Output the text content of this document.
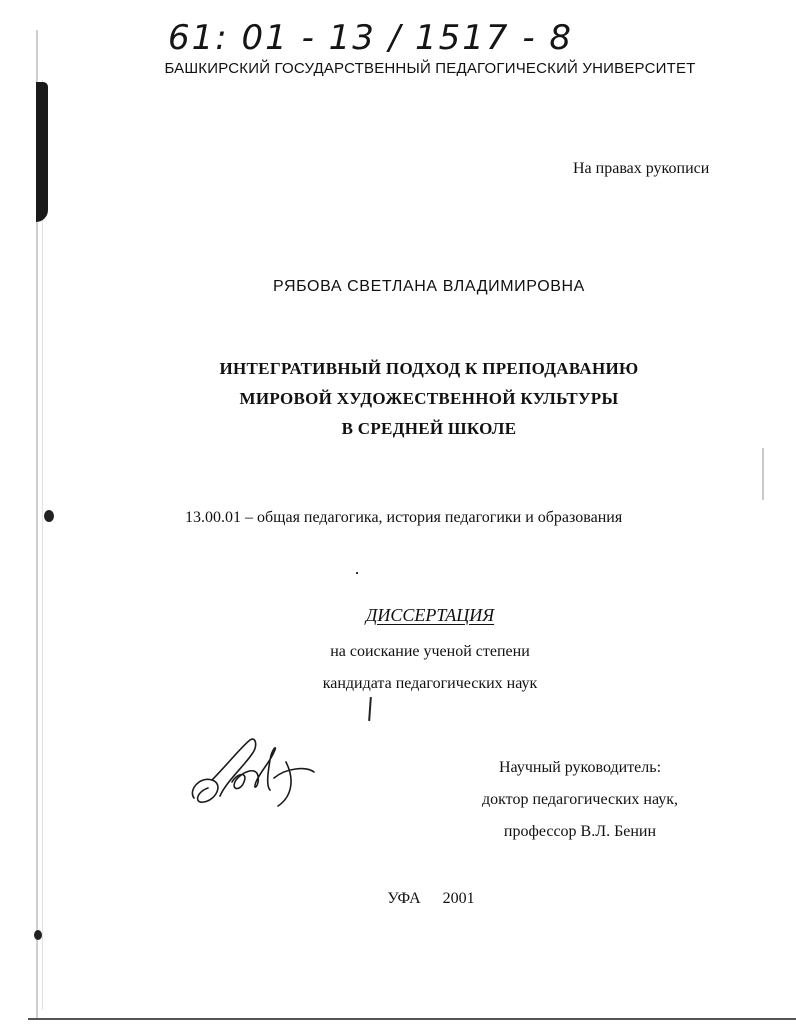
61: 01 - 13 / 1517 - 8
БАШКИРСКИЙ ГОСУДАРСТВЕННЫЙ ПЕДАГОГИЧЕСКИЙ УНИВЕРСИТЕТ
На правах рукописи
РЯБОВА СВЕТЛАНА ВЛАДИМИРОВНА
ИНТЕГРАТИВНЫЙ ПОДХОД К ПРЕПОДАВАНИЮ
МИРОВОЙ ХУДОЖЕСТВЕННОЙ КУЛЬТУРЫ
В СРЕДНЕЙ ШКОЛЕ
13.00.01 – общая педагогика, история педагогики и образования
ДИССЕРТАЦИЯ
на соискание ученой степени
кандидата педагогических наук
Научный руководитель:
доктор педагогических наук,
профессор В.Л. Бенин
УФА 2001
